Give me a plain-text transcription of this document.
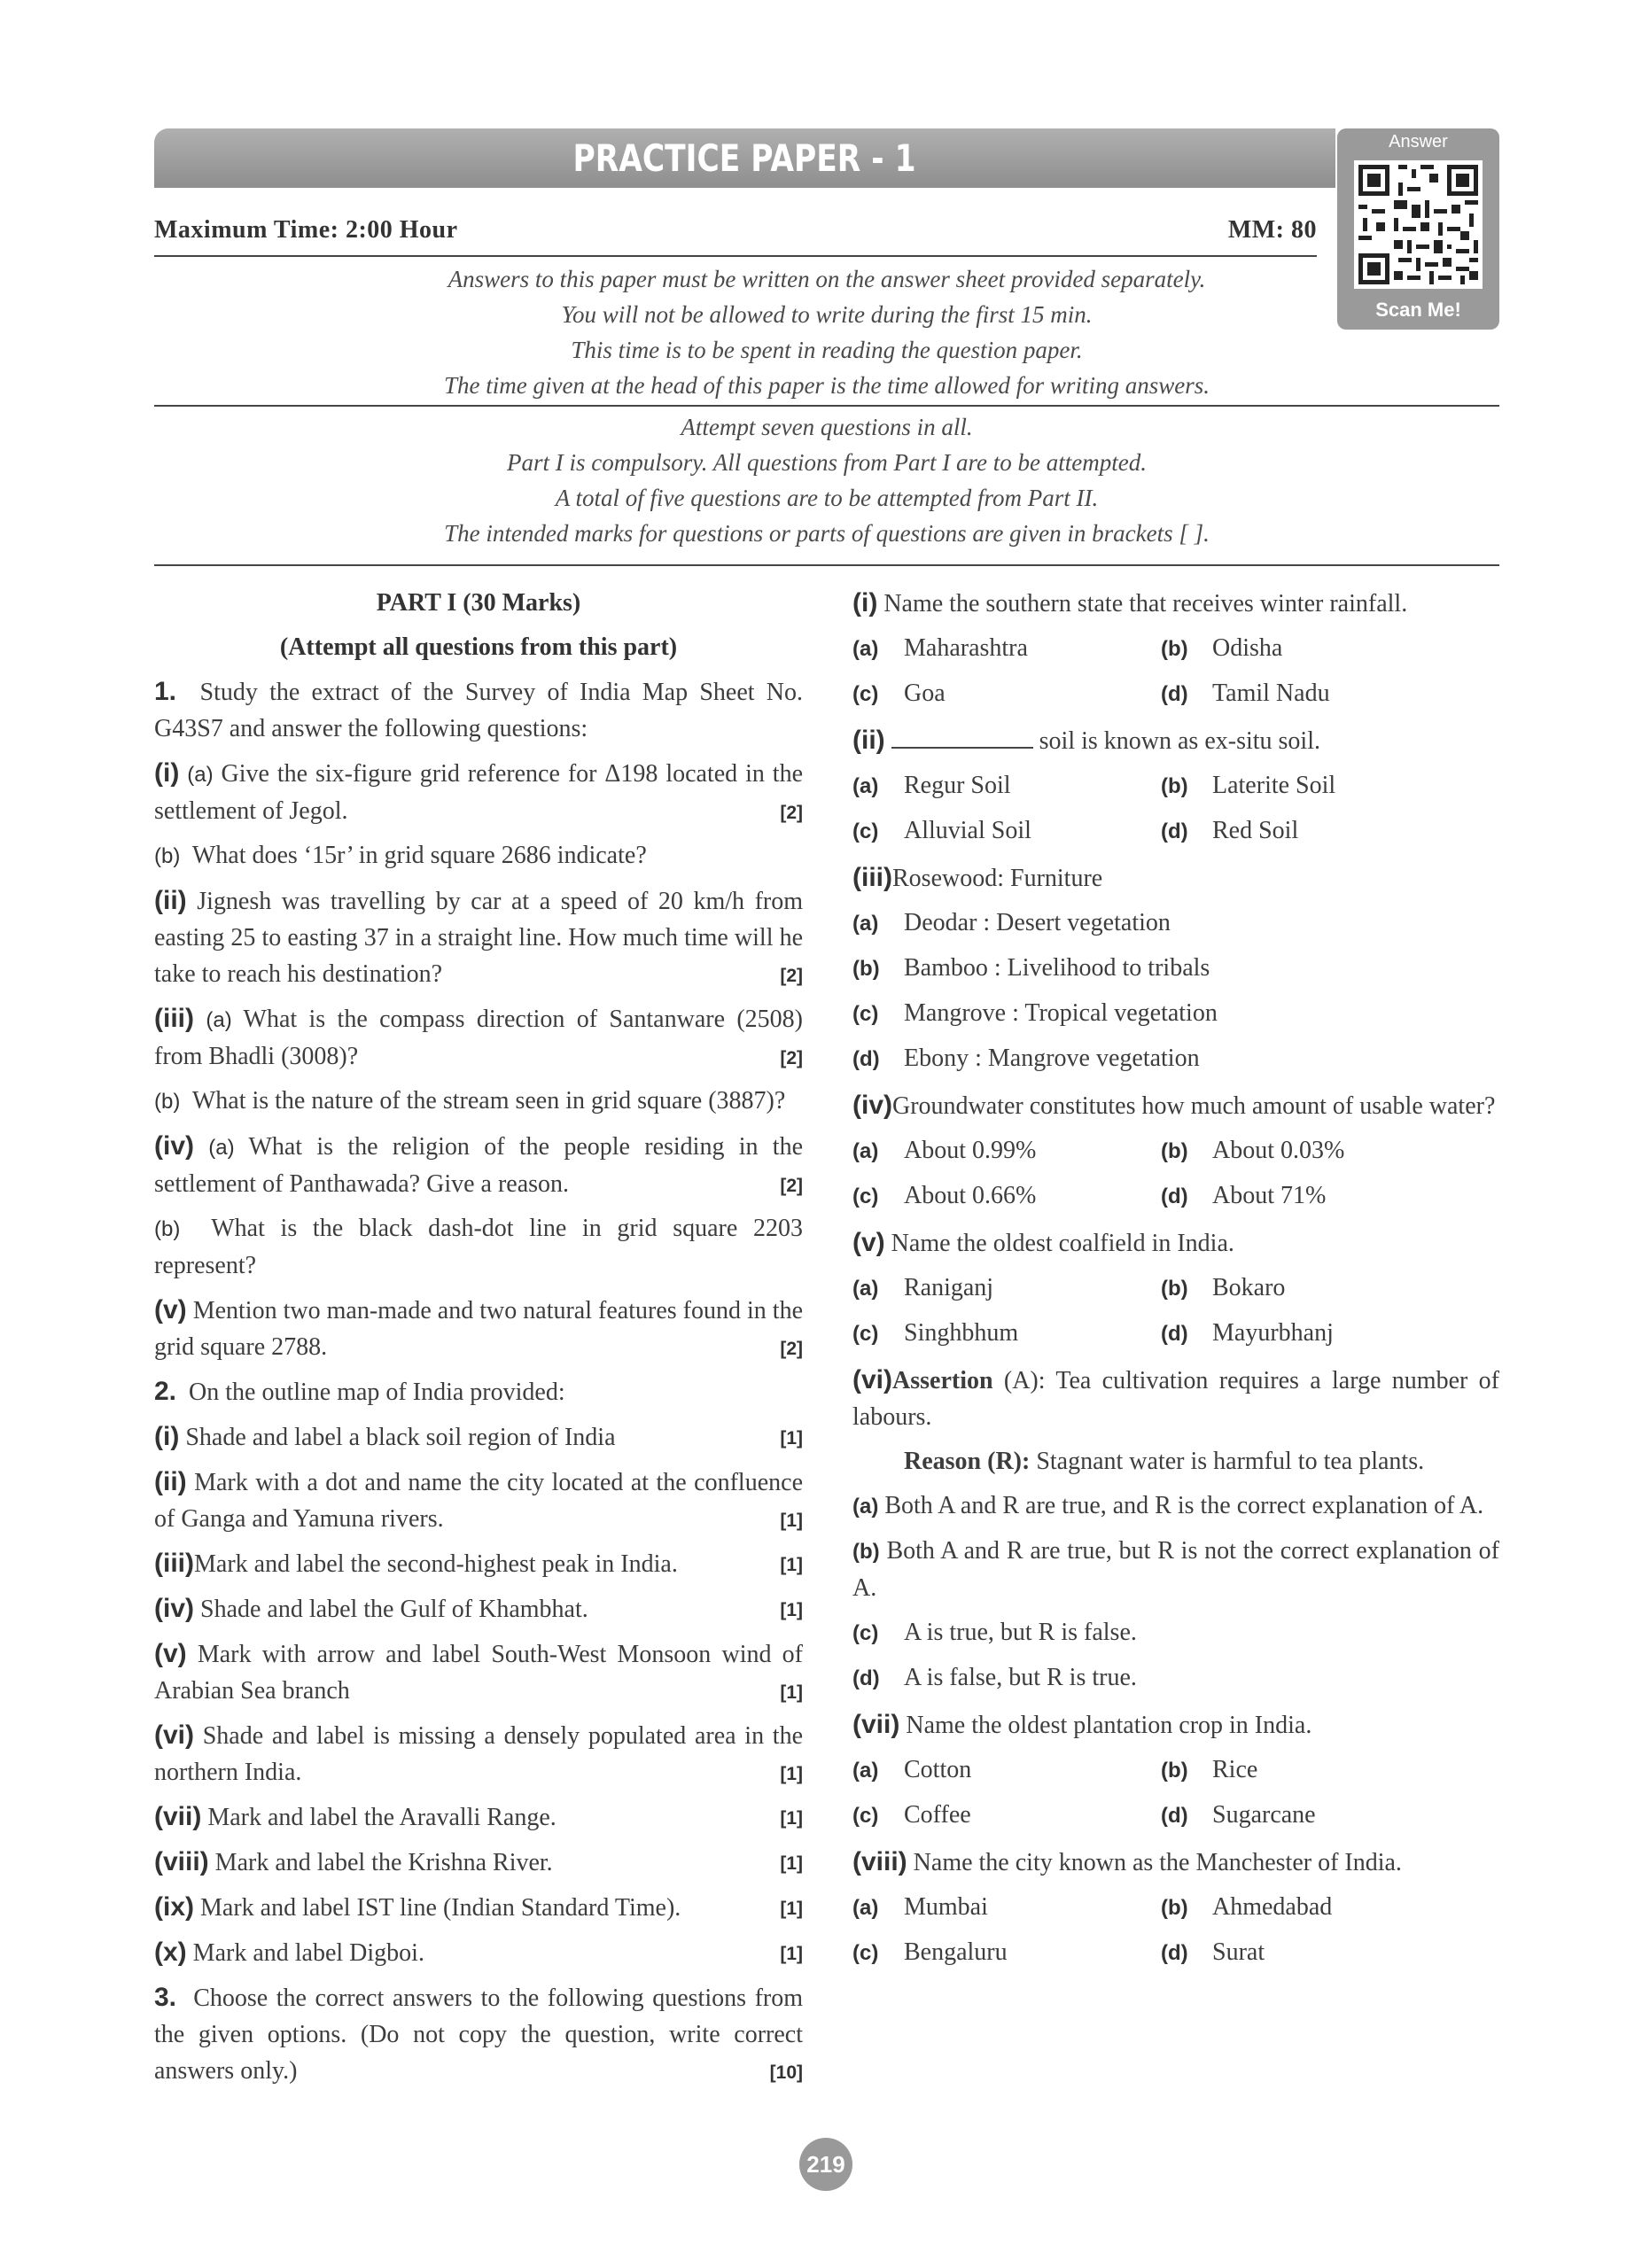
PRACTICE PAPER - 1	Answer
Scan Me!
Maximum Time: 2:00 Hour	MM: 80
Answers to this paper must be written on the answer sheet provided separately.
You will not be allowed to write during the first 15 min.
This time is to be spent in reading the question paper.
The time given at the head of this paper is the time allowed for writing answers.
Attempt seven questions in all.
Part I is compulsory. All questions from Part I are to be attempted.
A total of five questions are to be attempted from Part II.
The intended marks for questions or parts of questions are given in brackets [ ].
PART I (30 Marks)
(Attempt all questions from this part)
1. Study the extract of the Survey of India Map Sheet No. G43S7 and answer the following questions:
(i) (a) Give the six-figure grid reference for Δ198 located in the settlement of Jegol.	[2]
(b) What does ‘15r’ in grid square 2686 indicate?
(ii) Jignesh was travelling by car at a speed of 20 km/h from easting 25 to easting 37 in a straight line. How much time will he take to reach his destination?	[2]
(iii) (a) What is the compass direction of Santanware (2508) from Bhadli (3008)?	[2]
(b) What is the nature of the stream seen in grid square (3887)?
(iv) (a) What is the religion of the people residing in the settlement of Panthawada? Give a reason.	[2]
(b) What is the black dash-dot line in grid square 2203 represent?
(v) Mention two man-made and two natural features found in the grid square 2788.	[2]
2. On the outline map of India provided:
(i) Shade and label a black soil region of India	[1]
(ii) Mark with a dot and name the city located at the confluence of Ganga and Yamuna rivers.	[1]
(iii)Mark and label the second-highest peak in India.	[1]
(iv) Shade and label the Gulf of Khambhat.	[1]
(v) Mark with arrow and label South-West Monsoon wind of Arabian Sea branch	[1]
(vi) Shade and label is missing a densely populated area in the northern India.	[1]
(vii) Mark and label the Aravalli Range.	[1]
(viii) Mark and label the Krishna River.	[1]
(ix) Mark and label IST line (Indian Standard Time).	[1]
(x) Mark and label Digboi.	[1]
3. Choose the correct answers to the following questions from the given options. (Do not copy the question, write correct answers only.)	[10]
(i) Name the southern state that receives winter rainfall.
(a) Maharashtra	(b) Odisha
(c) Goa	(d) Tamil Nadu
(ii)	soil is known as ex-situ soil.
(a) Regur Soil	(b) Laterite Soil
(c) Alluvial Soil	(d) Red Soil
(iii)Rosewood: Furniture
(a) Deodar : Desert vegetation
(b) Bamboo : Livelihood to tribals
(c) Mangrove : Tropical vegetation
(d) Ebony : Mangrove vegetation
(iv)Groundwater constitutes how much amount of usable water?
(a) About 0.99%	(b) About 0.03%
(c) About 0.66%	(d) About 71%
(v) Name the oldest coalfield in India.
(a) Raniganj	(b) Bokaro
(c) Singhbhum	(d) Mayurbhanj
(vi)Assertion (A): Tea cultivation requires a large number of labours.
Reason (R): Stagnant water is harmful to tea plants.
(a) Both A and R are true, and R is the correct explanation of A.
(b) Both A and R are true, but R is not the correct explanation of A.
(c) A is true, but R is false.
(d) A is false, but R is true.
(vii) Name the oldest plantation crop in India.
(a) Cotton	(b) Rice
(c) Coffee	(d) Sugarcane
(viii) Name the city known as the Manchester of India.
(a) Mumbai	(b) Ahmedabad
(c) Bengaluru	(d) Surat
219
